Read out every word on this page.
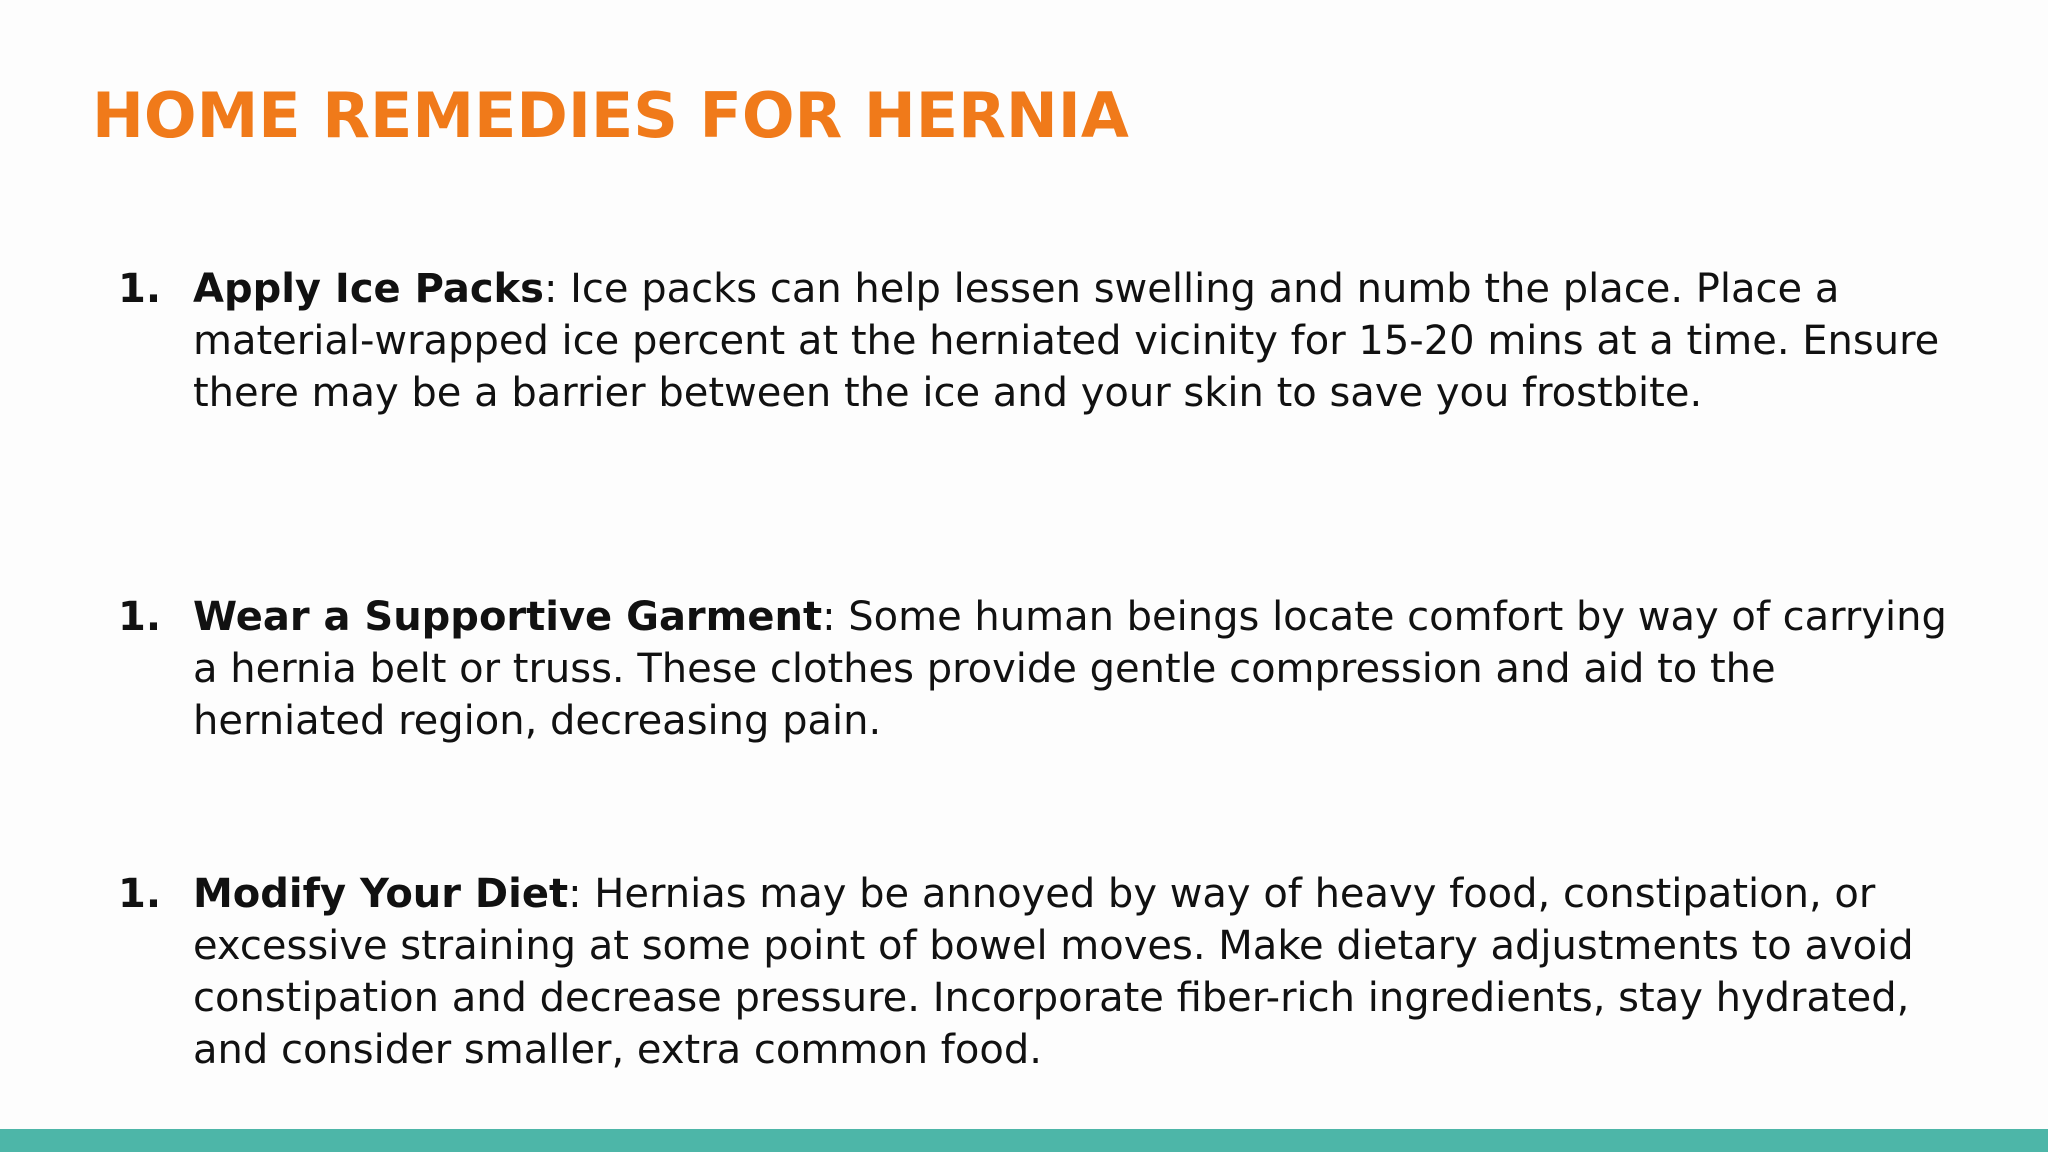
HOME REMEDIES FOR HERNIA
1. Apply Ice Packs: Ice packs can help lessen swelling and numb the place. Place a material-wrapped ice percent at the herniated vicinity for 15-20 mins at a time. Ensure there may be a barrier between the ice and your skin to save you frostbite.
1. Wear a Supportive Garment: Some human beings locate comfort by way of carrying a hernia belt or truss. These clothes provide gentle compression and aid to the herniated region, decreasing pain.
1. Modify Your Diet: Hernias may be annoyed by way of heavy food, constipation, or excessive straining at some point of bowel moves. Make dietary adjustments to avoid constipation and decrease pressure. Incorporate fiber-rich ingredients, stay hydrated, and consider smaller, extra common food.
